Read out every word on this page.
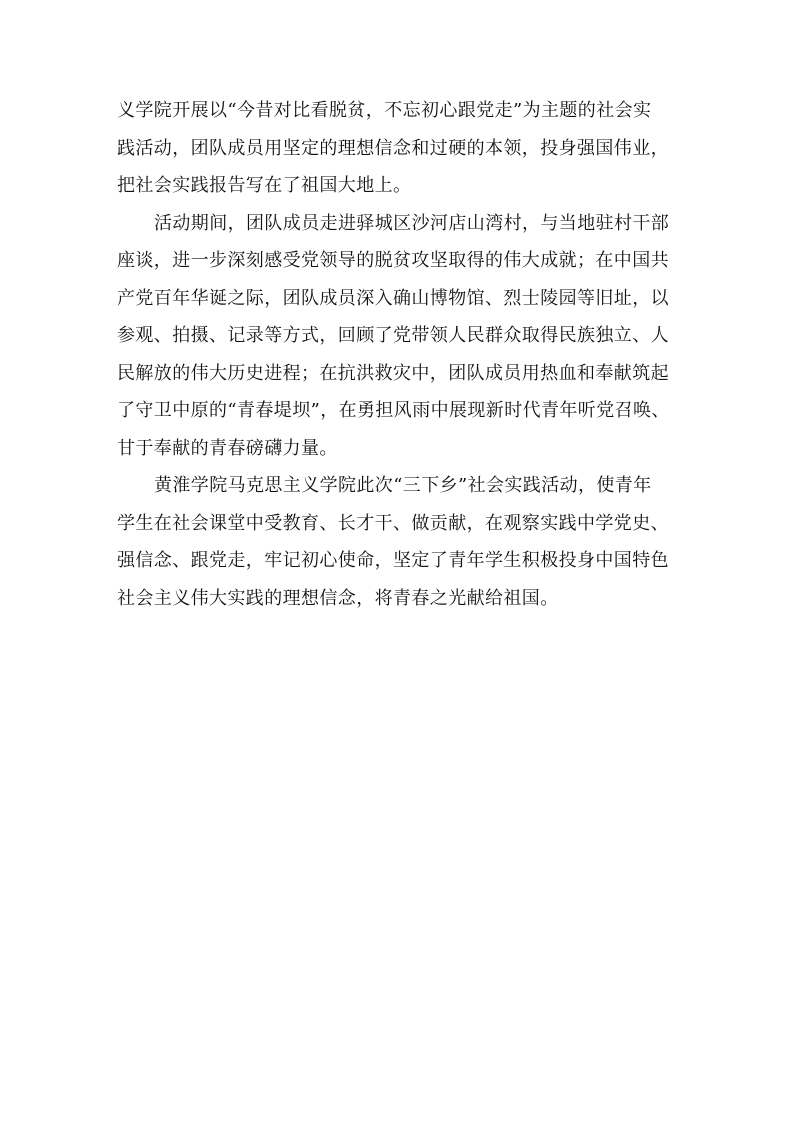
义学院开展以“今昔对比看脱贫，不忘初心跟党走”为主题的社会实
践活动，团队成员用坚定的理想信念和过硬的本领，投身强国伟业，
把社会实践报告写在了祖国大地上。

活动期间，团队成员走进驿城区沙河店山湾村，与当地驻村干部
座谈，进一步深刻感受党领导的脱贫攻坚取得的伟大成就；在中国共
产党百年华诞之际，团队成员深入确山博物馆、烈士陵园等旧址，以
参观、拍摄、记录等方式，回顾了党带领人民群众取得民族独立、人
民解放的伟大历史进程；在抗洪救灾中，团队成员用热血和奉献筑起
了守卫中原的“青春堤坝”，在勇担风雨中展现新时代青年听党召唤、
甘于奉献的青春磅礴力量。

黄淮学院马克思主义学院此次“三下乡”社会实践活动，使青年
学生在社会课堂中受教育、长才干、做贡献，在观察实践中学党史、
强信念、跟党走，牢记初心使命，坚定了青年学生积极投身中国特色
社会主义伟大实践的理想信念，将青春之光献给祖国。
